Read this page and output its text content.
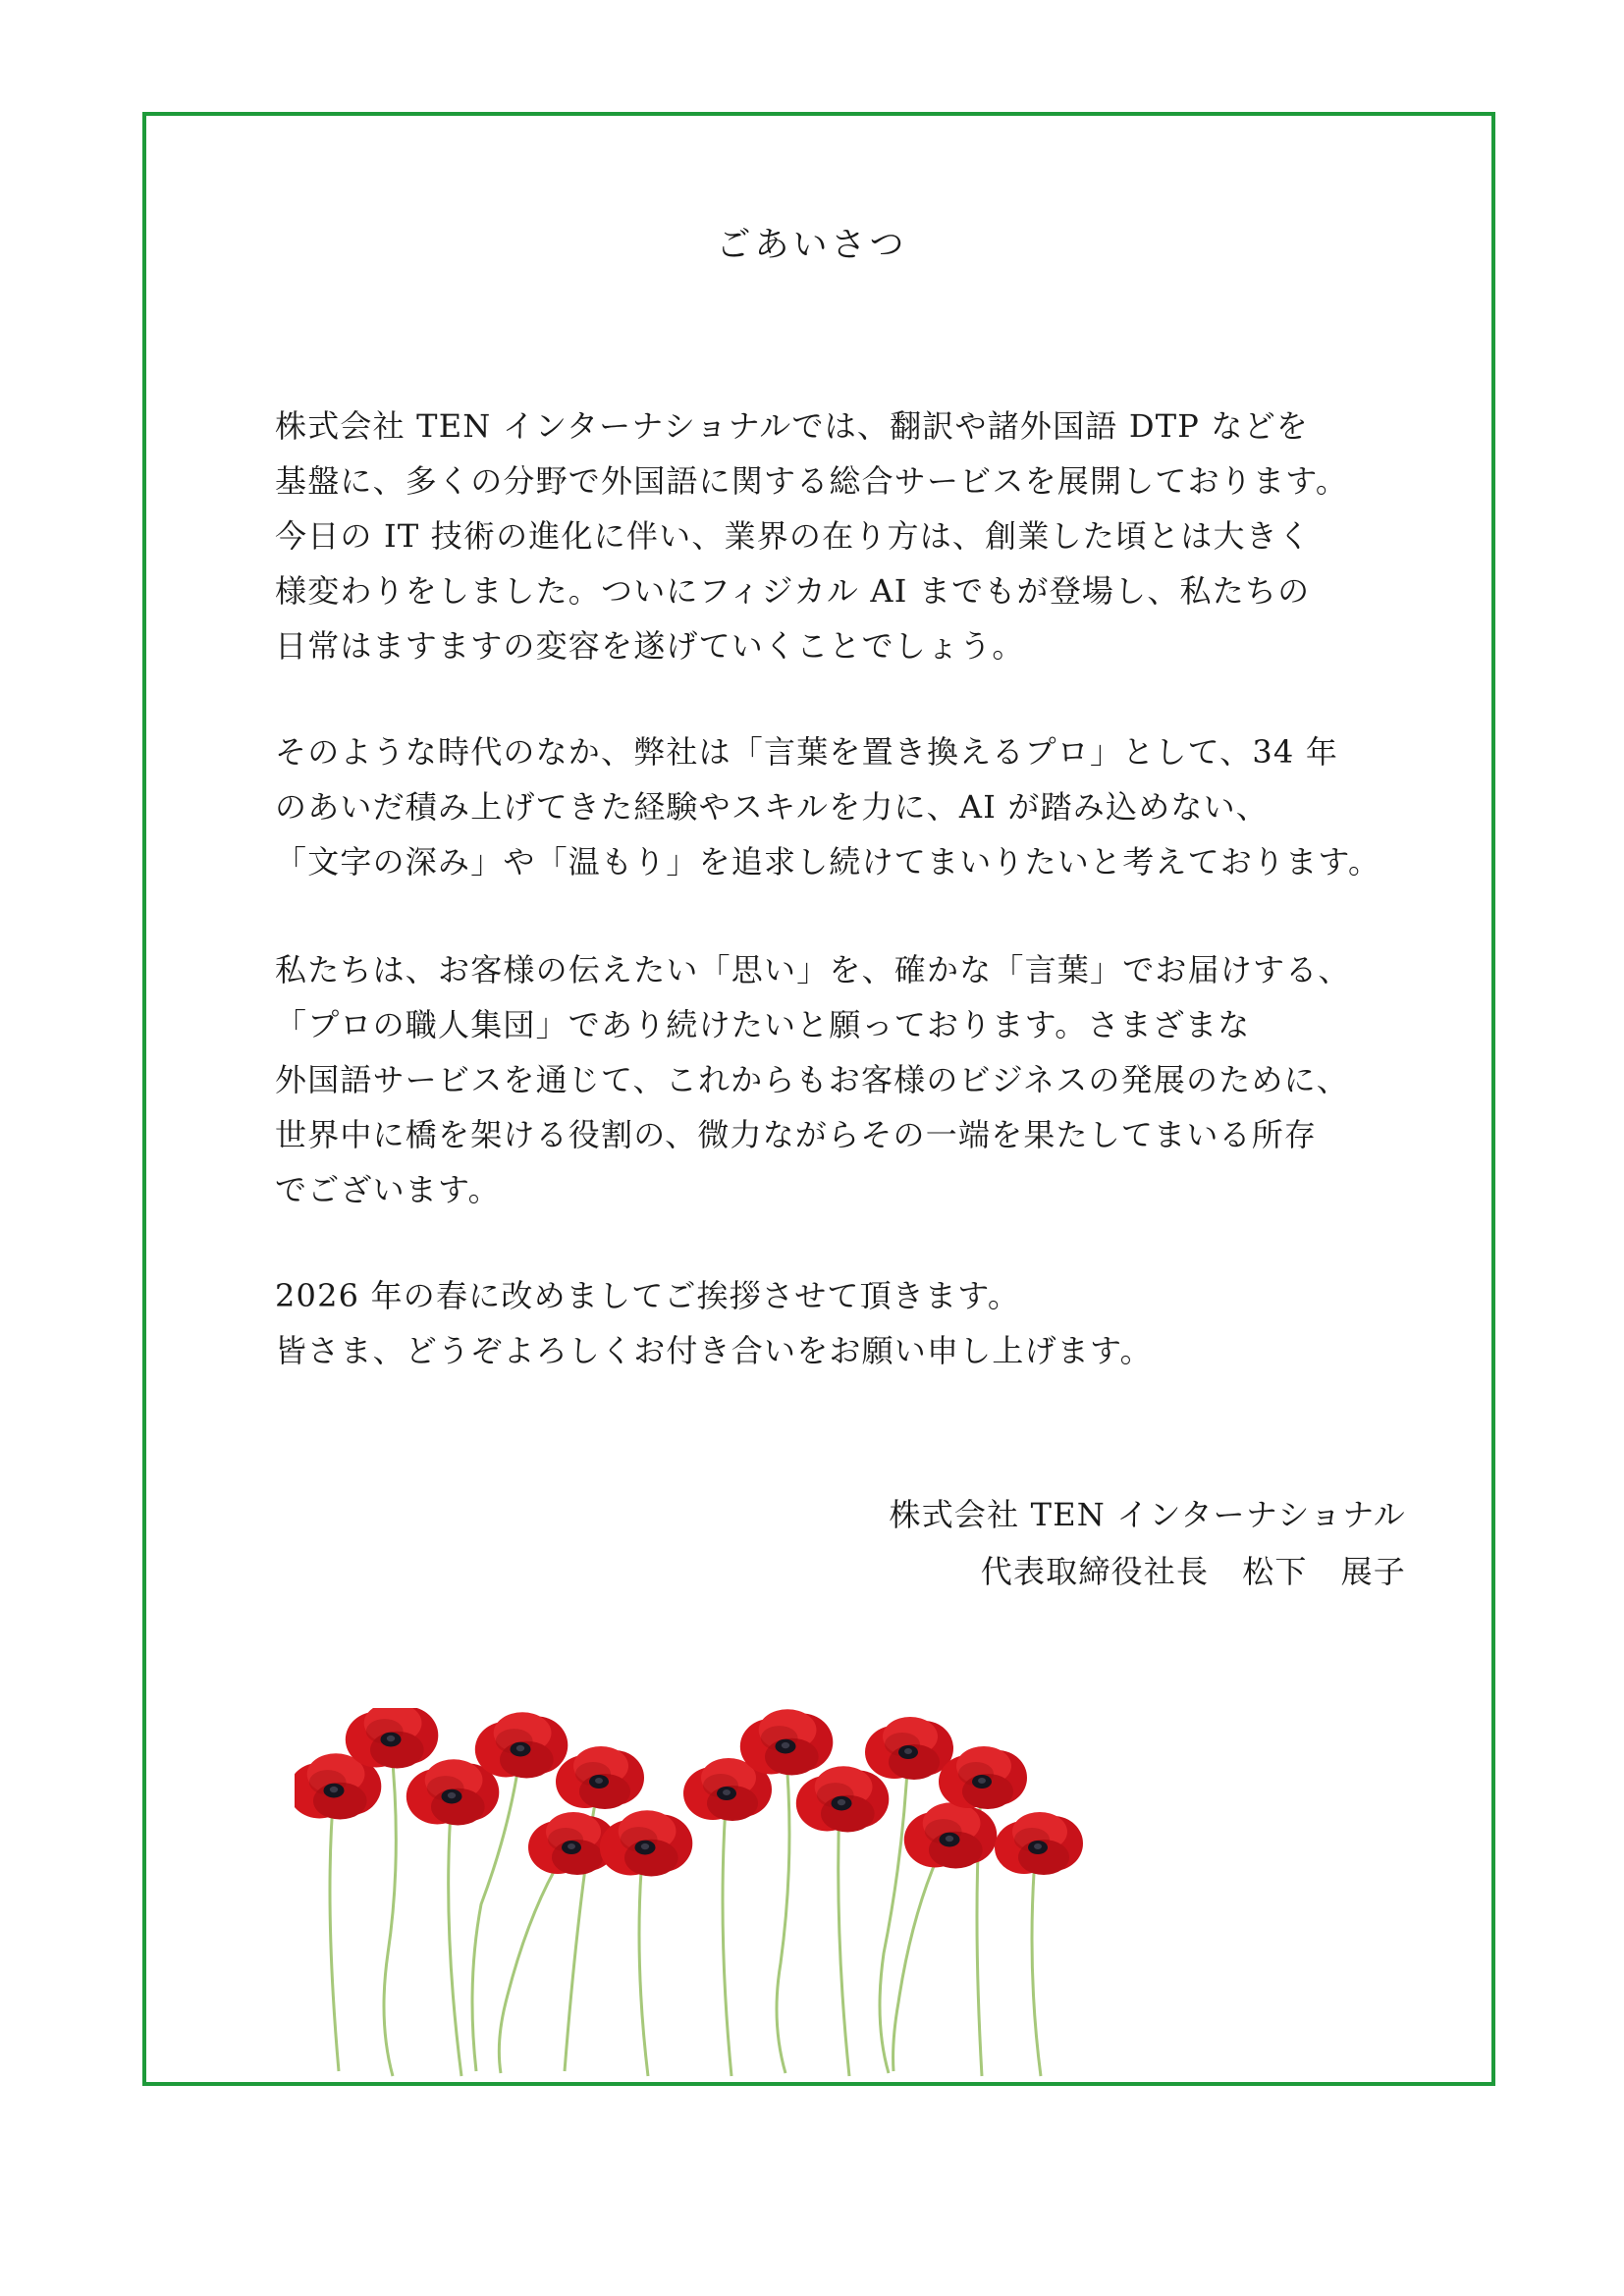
ごあいさつ
株式会社 TEN インターナショナルでは、翻訳や諸外国語 DTP などを
基盤に、多くの分野で外国語に関する総合サービスを展開しております。
今日の IT 技術の進化に伴い、業界の在り方は、創業した頃とは大きく
様変わりをしました。ついにフィジカル AI までもが登場し、私たちの
日常はますますの変容を遂げていくことでしょう。
そのような時代のなか、弊社は「言葉を置き換えるプロ」として、34 年
のあいだ積み上げてきた経験やスキルを力に、AI が踏み込めない、
「文字の深み」や「温もり」を追求し続けてまいりたいと考えております。
私たちは、お客様の伝えたい「思い」を、確かな「言葉」でお届けする、
「プロの職人集団」であり続けたいと願っております。さまざまな
外国語サービスを通じて、これからもお客様のビジネスの発展のために、
世界中に橋を架ける役割の、微力ながらその一端を果たしてまいる所存
でございます。
2026 年の春に改めましてご挨拶させて頂きます。
皆さま、どうぞよろしくお付き合いをお願い申し上げます。
株式会社 TEN インターナショナル
代表取締役社長 松下 展子
